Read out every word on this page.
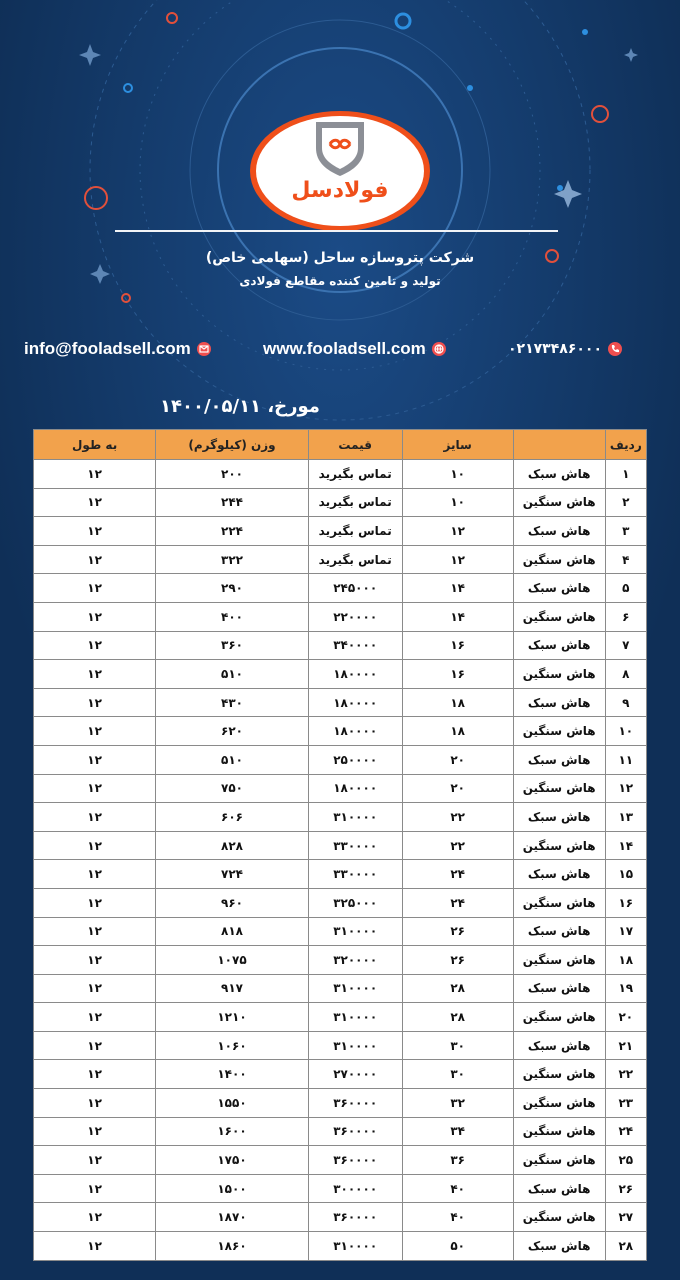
فولادسل
شرکت پتروسازه ساحل (سهامی خاص)
تولید و تامین کننده مقاطع فولادی
info@fooladsell.com	www.fooladsell.com	۰۲۱۷۳۴۸۶۰۰۰
مورخ، ۱۴۰۰/۰۵/۱۱
ردیف		سایز	قیمت	وزن (کیلوگرم)	به طول
۱	هاش سبک	۱۰	تماس بگیرید	۲۰۰	۱۲
۲	هاش سنگین	۱۰	تماس بگیرید	۲۴۴	۱۲
۳	هاش سبک	۱۲	تماس بگیرید	۲۲۴	۱۲
۴	هاش سنگین	۱۲	تماس بگیرید	۳۲۲	۱۲
۵	هاش سبک	۱۴	۲۴۵۰۰۰	۲۹۰	۱۲
۶	هاش سنگین	۱۴	۲۲۰۰۰۰	۴۰۰	۱۲
۷	هاش سبک	۱۶	۳۴۰۰۰۰	۳۶۰	۱۲
۸	هاش سنگین	۱۶	۱۸۰۰۰۰	۵۱۰	۱۲
۹	هاش سبک	۱۸	۱۸۰۰۰۰	۴۳۰	۱۲
۱۰	هاش سنگین	۱۸	۱۸۰۰۰۰	۶۲۰	۱۲
۱۱	هاش سبک	۲۰	۲۵۰۰۰۰	۵۱۰	۱۲
۱۲	هاش سنگین	۲۰	۱۸۰۰۰۰	۷۵۰	۱۲
۱۳	هاش سبک	۲۲	۳۱۰۰۰۰	۶۰۶	۱۲
۱۴	هاش سنگین	۲۲	۳۳۰۰۰۰	۸۲۸	۱۲
۱۵	هاش سبک	۲۴	۳۳۰۰۰۰	۷۲۴	۱۲
۱۶	هاش سنگین	۲۴	۳۲۵۰۰۰	۹۶۰	۱۲
۱۷	هاش سبک	۲۶	۳۱۰۰۰۰	۸۱۸	۱۲
۱۸	هاش سنگین	۲۶	۳۲۰۰۰۰	۱۰۷۵	۱۲
۱۹	هاش سبک	۲۸	۳۱۰۰۰۰	۹۱۷	۱۲
۲۰	هاش سنگین	۲۸	۳۱۰۰۰۰	۱۲۱۰	۱۲
۲۱	هاش سبک	۳۰	۳۱۰۰۰۰	۱۰۶۰	۱۲
۲۲	هاش سنگین	۳۰	۲۷۰۰۰۰	۱۴۰۰	۱۲
۲۳	هاش سنگین	۳۲	۳۶۰۰۰۰	۱۵۵۰	۱۲
۲۴	هاش سنگین	۳۴	۳۶۰۰۰۰	۱۶۰۰	۱۲
۲۵	هاش سنگین	۳۶	۳۶۰۰۰۰	۱۷۵۰	۱۲
۲۶	هاش سبک	۴۰	۳۰۰۰۰۰	۱۵۰۰	۱۲
۲۷	هاش سنگین	۴۰	۳۶۰۰۰۰	۱۸۷۰	۱۲
۲۸	هاش سبک	۵۰	۳۱۰۰۰۰	۱۸۶۰	۱۲
